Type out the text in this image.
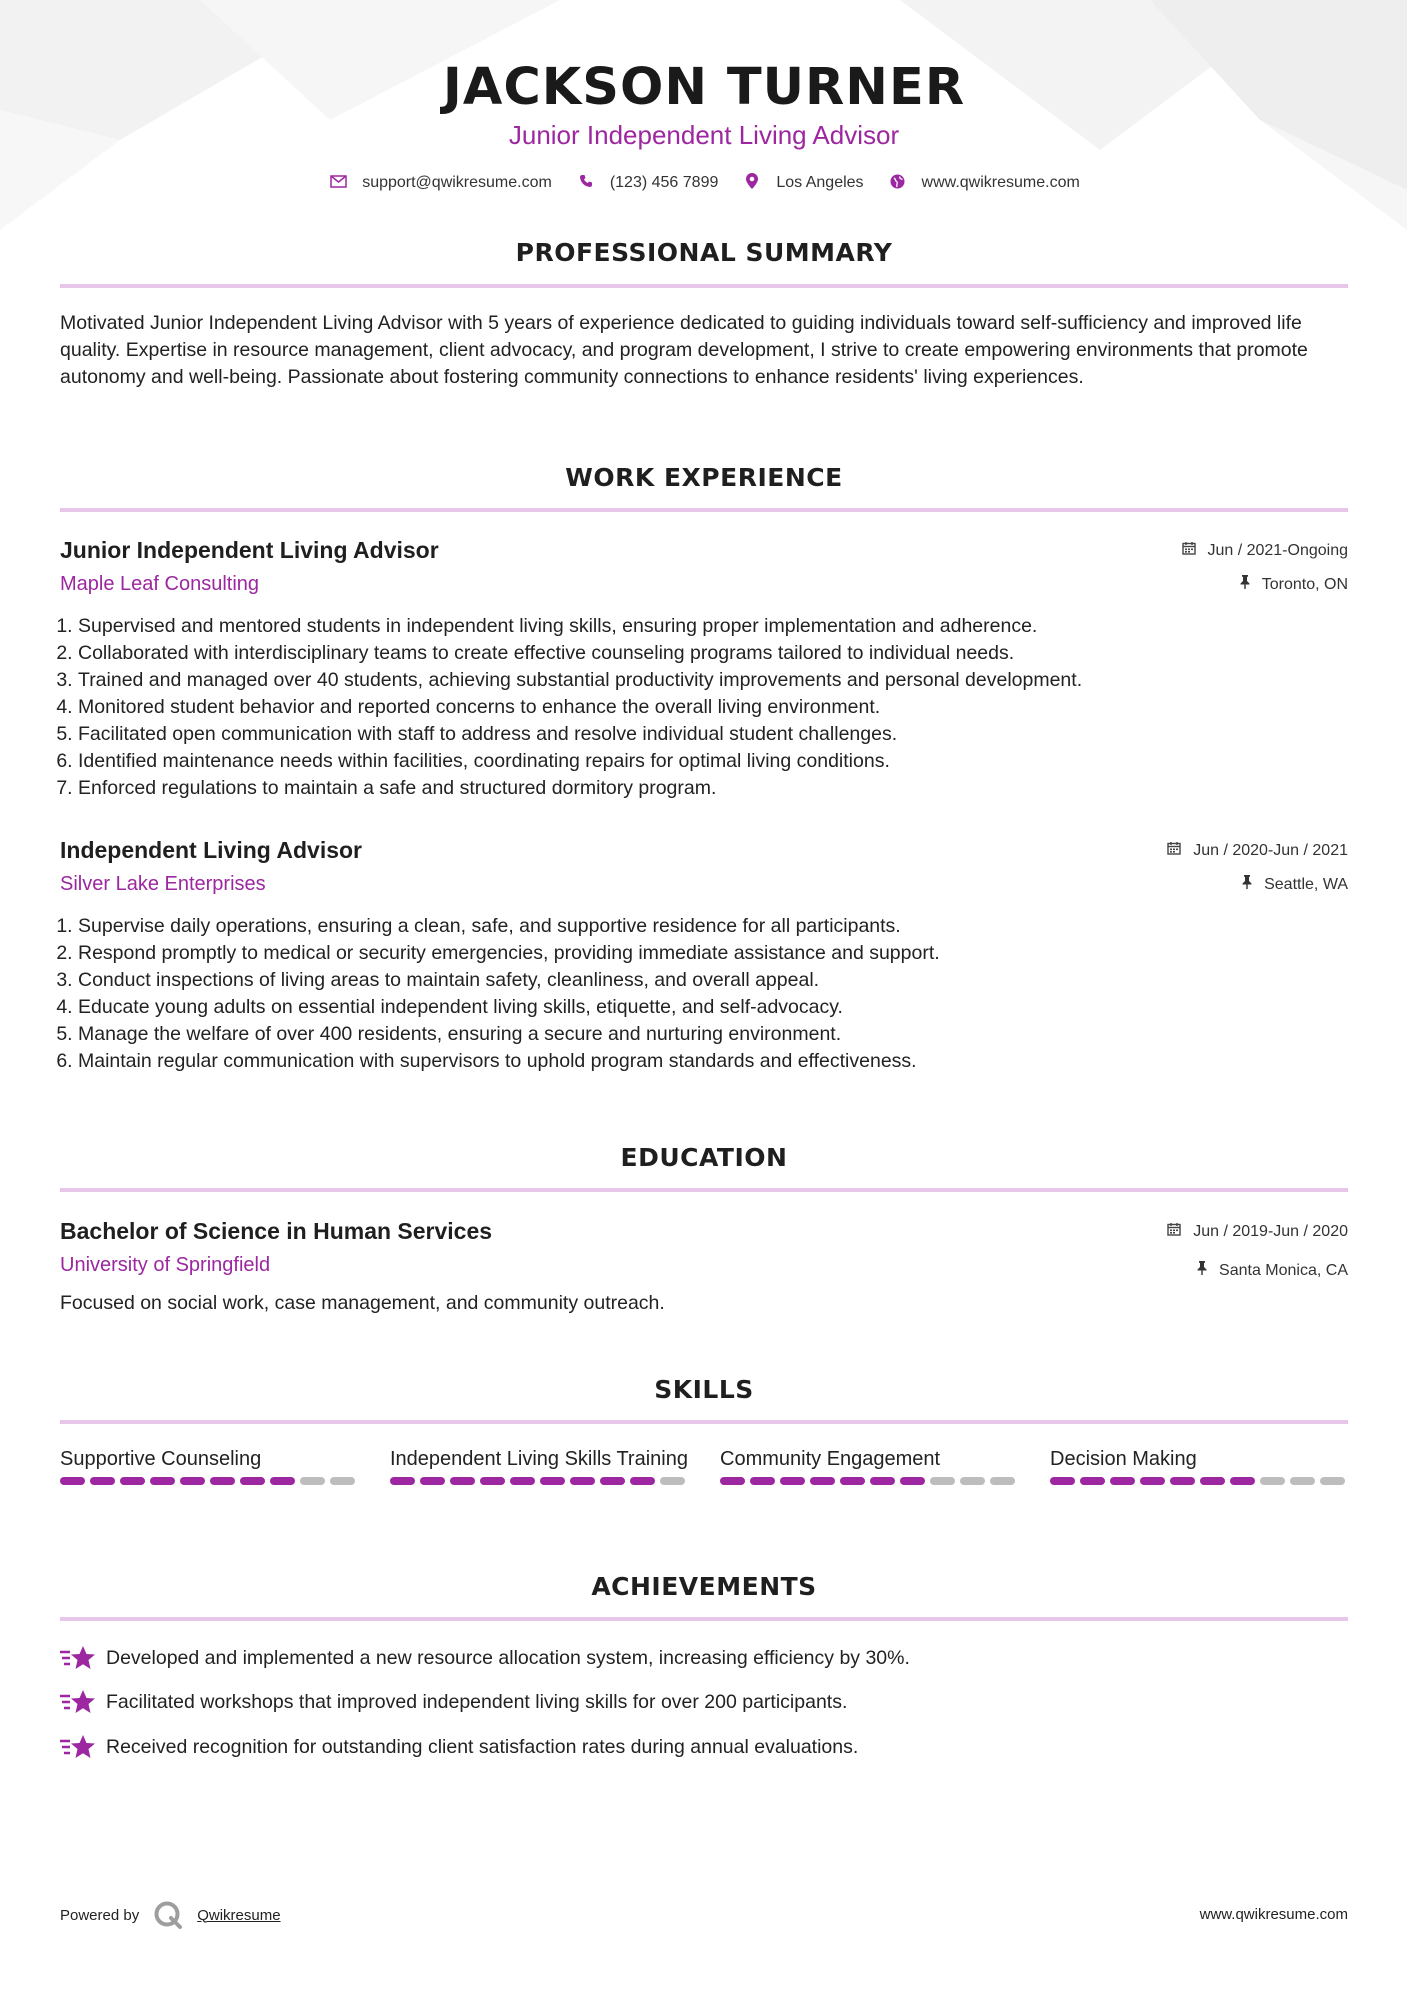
JACKSON TURNER
Junior Independent Living Advisor
support@qwikresume.com	(123) 456 7899	Los Angeles	www.qwikresume.com
PROFESSIONAL SUMMARY

Motivated Junior Independent Living Advisor with 5 years of experience dedicated to guiding individuals toward self-sufficiency and improved life quality. Expertise in resource management, client advocacy, and program development, I strive to create empowering environments that promote autonomy and well-being. Passionate about fostering community connections to enhance residents' living experiences.

WORK EXPERIENCE
Junior Independent Living Advisor
Maple Leaf Consulting
Jun / 2021-Ongoing
Toronto, ON
1. Supervised and mentored students in independent living skills, ensuring proper implementation and adherence.
2. Collaborated with interdisciplinary teams to create effective counseling programs tailored to individual needs.
3. Trained and managed over 40 students, achieving substantial productivity improvements and personal development.
4. Monitored student behavior and reported concerns to enhance the overall living environment.
5. Facilitated open communication with staff to address and resolve individual student challenges.
6. Identified maintenance needs within facilities, coordinating repairs for optimal living conditions.
7. Enforced regulations to maintain a safe and structured dormitory program.
Independent Living Advisor
Silver Lake Enterprises
Jun / 2020-Jun / 2021
Seattle, WA
1. Supervise daily operations, ensuring a clean, safe, and supportive residence for all participants.
2. Respond promptly to medical or security emergencies, providing immediate assistance and support.
3. Conduct inspections of living areas to maintain safety, cleanliness, and overall appeal.
4. Educate young adults on essential independent living skills, etiquette, and self-advocacy.
5. Manage the welfare of over 400 residents, ensuring a secure and nurturing environment.
6. Maintain regular communication with supervisors to uphold program standards and effectiveness.
EDUCATION
Bachelor of Science in Human Services
University of Springfield
Jun / 2019-Jun / 2020
Santa Monica, CA

Focused on social work, case management, and community outreach.

SKILLS
Supportive Counseling	Independent Living Skills Training Community Engagement	Decision Making
ACHIEVEMENTS
Developed and implemented a new resource allocation system, increasing efficiency by 30%.
Facilitated workshops that improved independent living skills for over 200 participants.
Received recognition for outstanding client satisfaction rates during annual evaluations.
Powered by	Qwikresume	www.qwikresume.com
